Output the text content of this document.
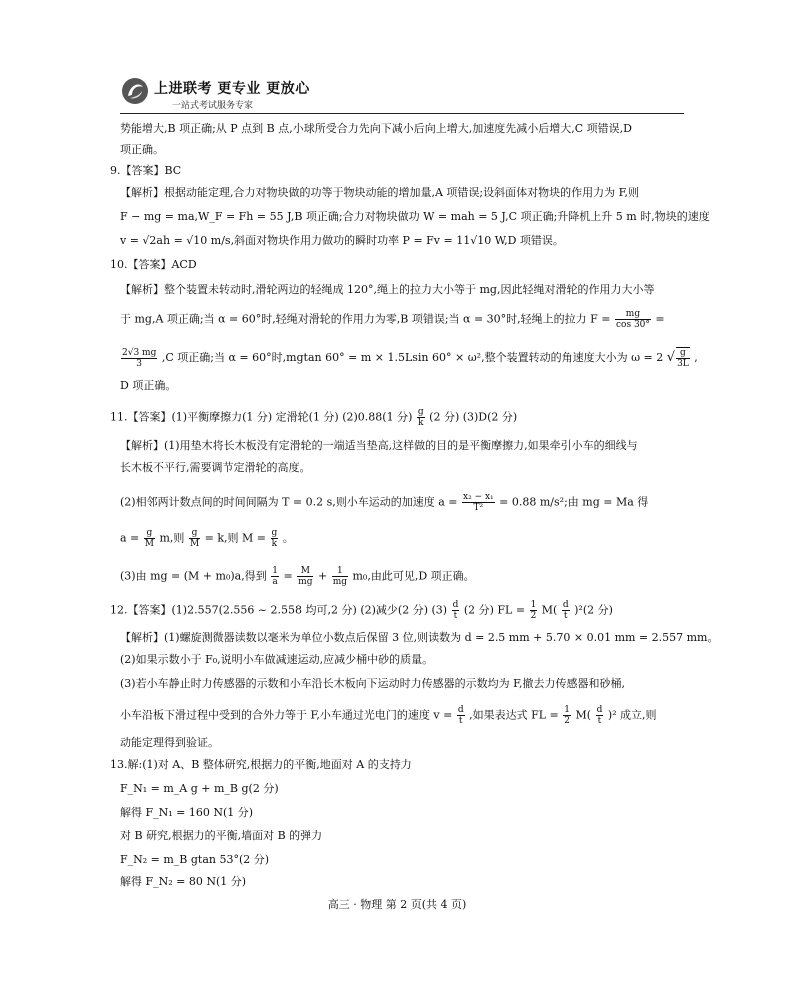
上进联考 更专业 更放心
一站式考试服务专家
势能增大,B 项正确;从 P 点到 B 点,小球所受合力先向下减小后向上增大,加速度先减小后增大,C 项错误,D
项正确。
9.【答案】BC
【解析】根据动能定理,合力对物块做的功等于物块动能的增加量,A 项错误;设斜面体对物块的作用力为 F,则
F − mg = ma,W_F = Fh = 55 J,B 项正确;合力对物块做功 W = mah = 5 J,C 项正确;升降机上升 5 m 时,物块的速度
v = √2ah = √10 m/s,斜面对物块作用力做功的瞬时功率 P = Fv = 11√10 W,D 项错误。
10.【答案】ACD
【解析】整个装置未转动时,滑轮两边的轻绳成 120°,绳上的拉力大小等于 mg,因此轻绳对滑轮的作用力大小等
于 mg,A 项正确;当 α = 60°时,轻绳对滑轮的作用力为零,B 项错误;当 α = 30°时,轻绳上的拉力 $F = \frac{mg}{\cos 30^\circ}$ =
$\frac{2√3 mg}{3} ,C$ 项正确;当 α = 60°时,mgtan 60° = m × 1.5Lsin 60° × ω²,整个装置转动的角速度大小为 ω = 2 √ $\frac{g}{3L}$ ,
D 项正确。
11.【答案】(1)平衡摩擦力(1 分) 定滑轮(1 分) (2)0.88(1 分) $\frac{g}{k} (2$ 分) (3)D(2 分)
【解析】(1)用垫木将长木板没有定滑轮的一端适当垫高,这样做的目的是平衡摩擦力,如果牵引小车的细线与
长木板不平行,需要调节定滑轮的高度。
(2)相邻两计数点间的时间间隔为 T = 0.2 s,则小车运动的加速度 $a = \frac{\text{x₂ − x₁}}{\text{T²}} = 0.88$ m/s²;由 mg = Ma 得
$a = \frac{g}{M} m$,则 $\frac{g}{M} = k$,则 $M = \frac{g}{k}$ 。
(3)由 mg = (M + m₀)a,得到 $\frac{1}{a} = \frac{M}{mg} + \frac{1}{mg} m_0$,由此可见,D 项正确。
12.【答案】(1)2.557(2.556 ~ 2.558 均可,2 分) (2)减少(2 分) $(3) \frac{d}{t} (2$ 分) FL = $\frac{1}{2} M( \frac{d}{t} )^2(2$ 分)
【解析】(1)螺旋测微器读数以毫米为单位小数点后保留 3 位,则读数为 d = 2.5 mm + 5.70 × 0.01 mm = 2.557 mm。
(2)如果示数小于 F₀,说明小车做减速运动,应减少桶中砂的质量。
(3)若小车静止时力传感器的示数和小车沿长木板向下运动时力传感器的示数均为 F,撤去力传感器和砂桶,
小车沿板下滑过程中受到的合外力等于 F,小车通过光电门的速度 $v = \frac{d}{t}$ ,如果表达式 FL = $\frac{1}{2} M( \frac{d}{t} )^2$ 成立,则
动能定理得到验证。
13.解:(1)对 A、B 整体研究,根据力的平衡,地面对 A 的支持力
F_N₁ = m_A g + m_B g(2 分)
解得 F_N₁ = 160 N(1 分)
对 B 研究,根据力的平衡,墙面对 B 的弹力
F_N₂ = m_B gtan 53°(2 分)
解得 F_N₂ = 80 N(1 分)
高三 · 物理 第 2 页(共 4 页)
